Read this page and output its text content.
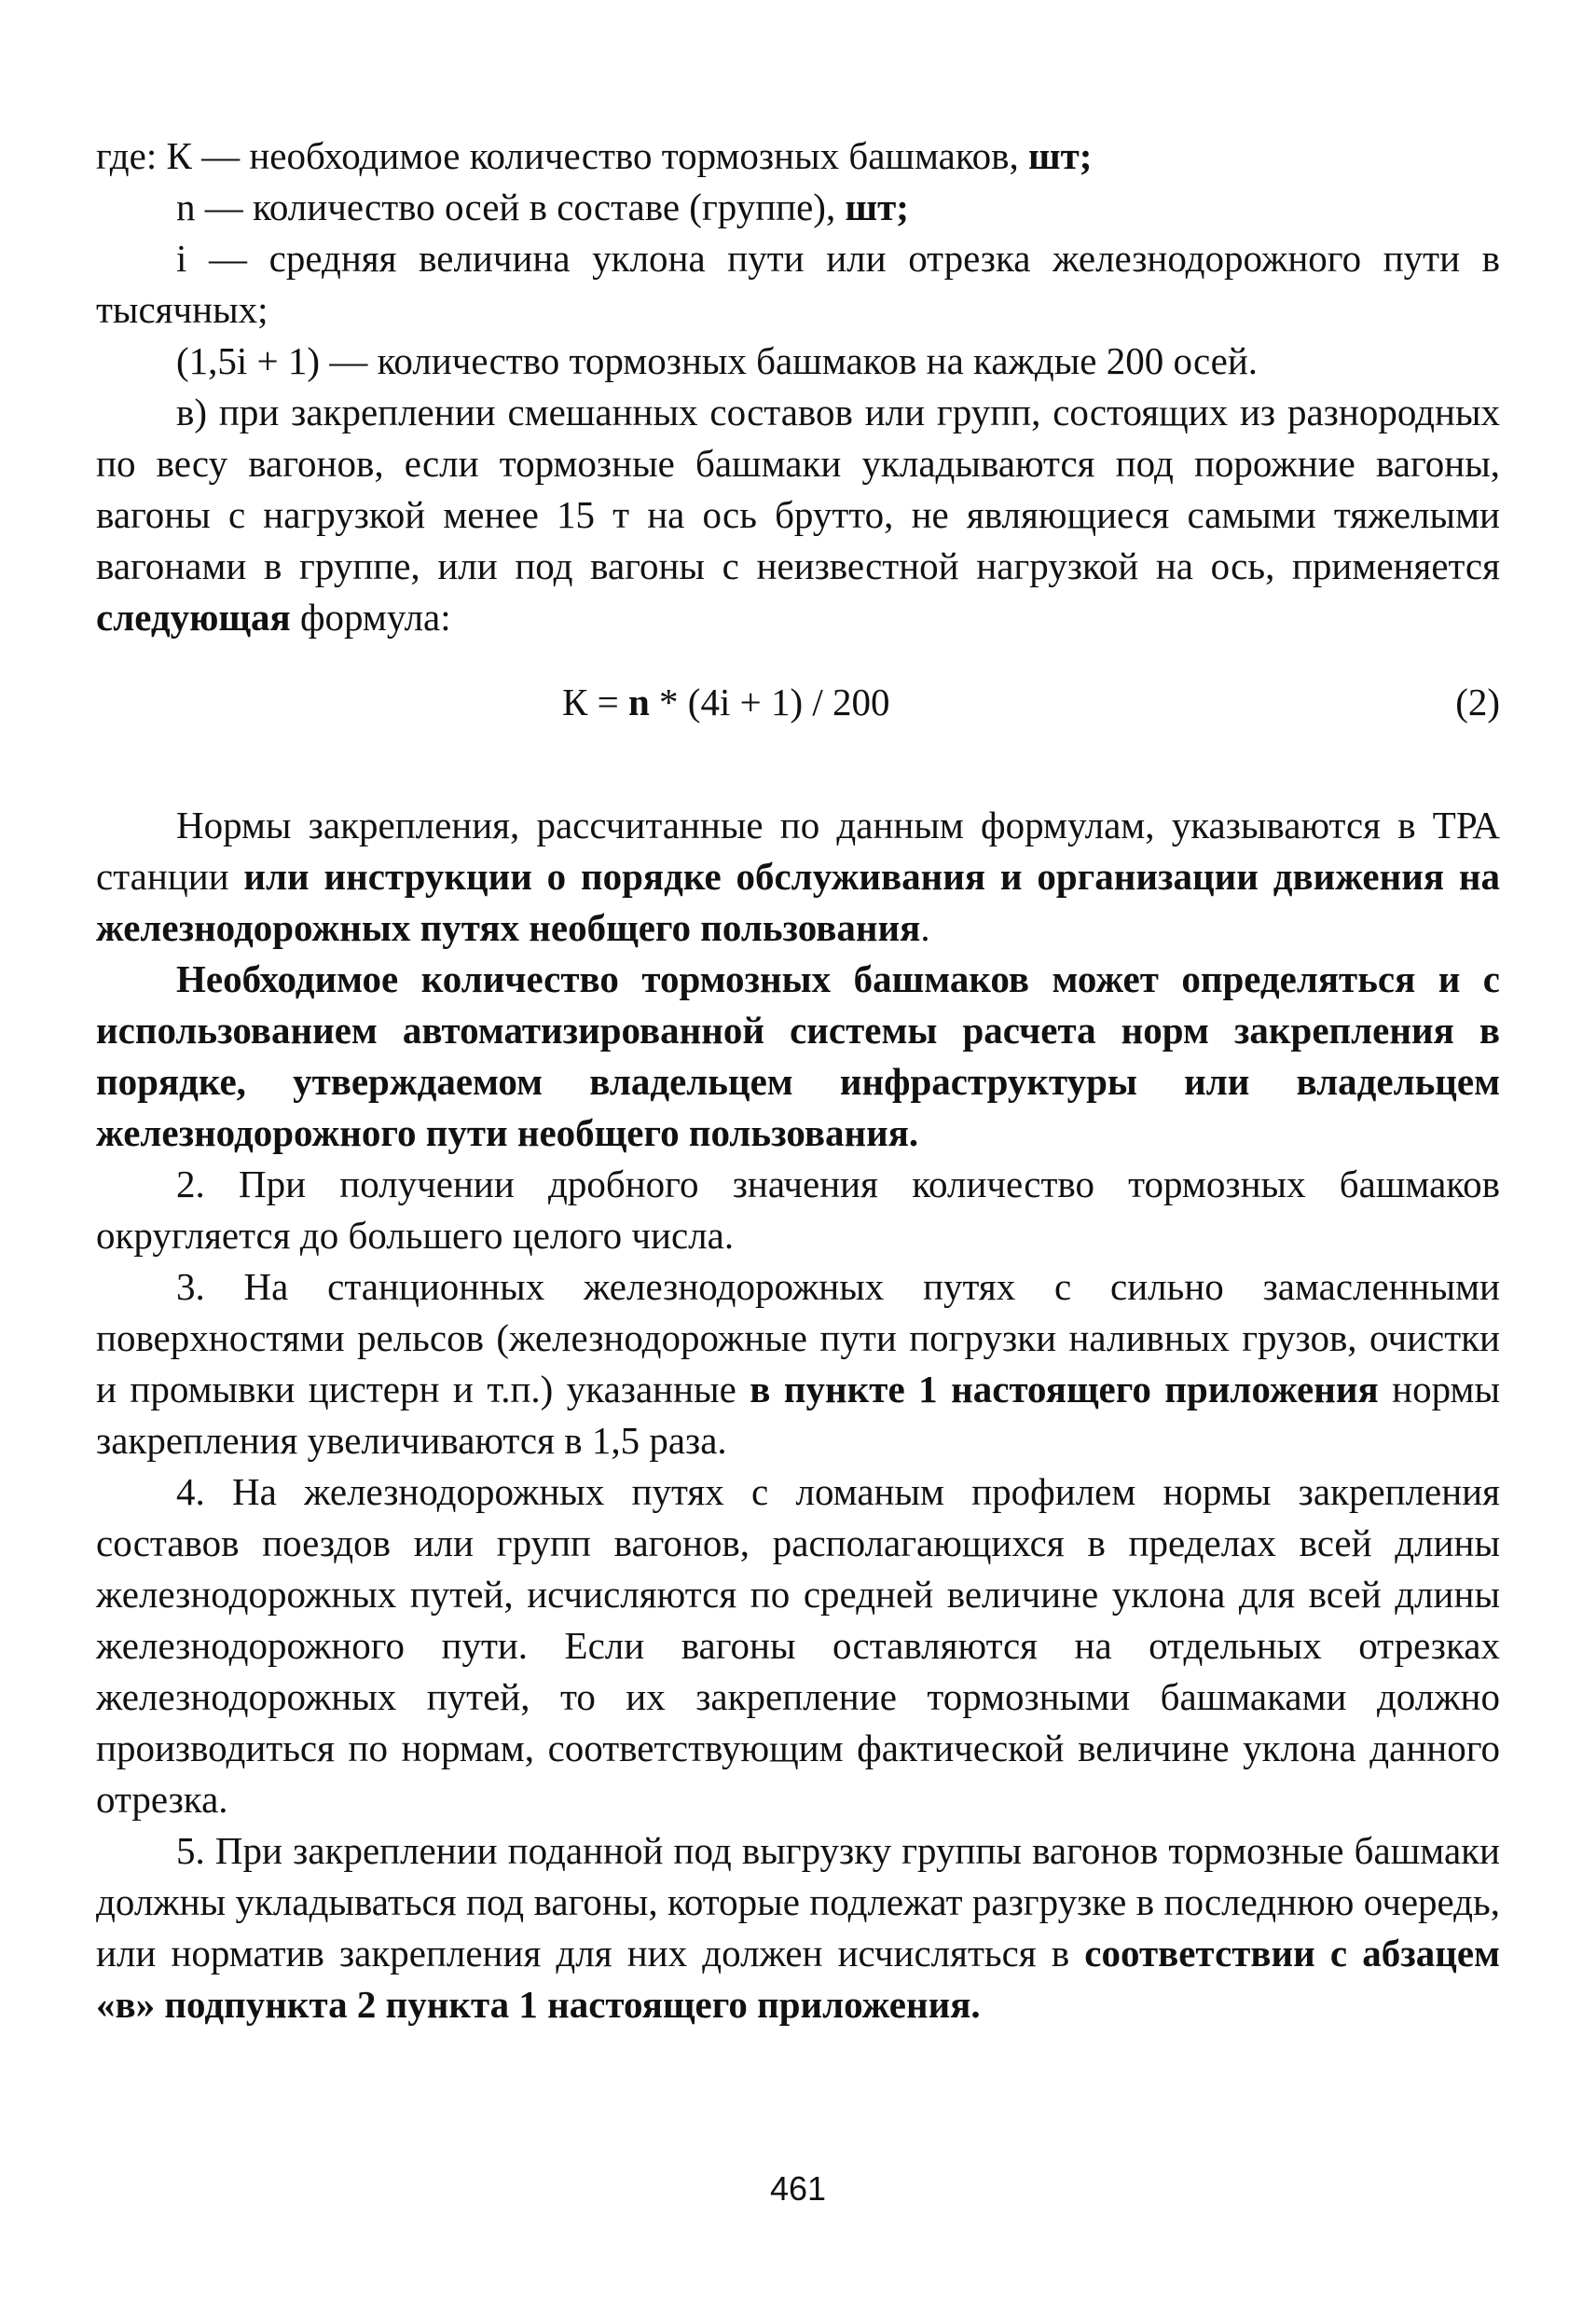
где: К — необходимое количество тормозных башмаков, шт;

n — количество осей в составе (группе), шт;

i — средняя величина уклона пути или отрезка железнодорожного пути в тысячных;

(1,5i + 1) — количество тормозных башмаков на каждые 200 осей.

в) при закреплении смешанных составов или групп, состоящих из разнородных по весу вагонов, если тормозные башмаки укладываются под порожние вагоны, вагоны с нагрузкой менее 15 т на ось брутто, не являющиеся самыми тяжелыми вагонами в группе, или под вагоны с неизвестной нагрузкой на ось, применяется следующая формула:

К = n * (4i + 1) / 200	(2)

Нормы закрепления, рассчитанные по данным формулам, указываются в ТРА станции или инструкции о порядке обслуживания и организации движения на железнодорожных путях необщего пользования.

Необходимое количество тормозных башмаков может определяться и с использованием автоматизированной системы расчета норм закрепления в порядке, утверждаемом владельцем инфраструктуры или владельцем железнодорожного пути необщего пользования.

2. При получении дробного значения количество тормозных башмаков округляется до большего целого числа.

3. На станционных железнодорожных путях с сильно замасленными поверхностями рельсов (железнодорожные пути погрузки наливных грузов, очистки и промывки цистерн и т.п.) указанные в пункте 1 настоящего приложения нормы закрепления увеличиваются в 1,5 раза.

4. На железнодорожных путях с ломаным профилем нормы закрепления составов поездов или групп вагонов, располагающихся в пределах всей длины железнодорожных путей, исчисляются по средней величине уклона для всей длины железнодорожного пути. Если вагоны оставляются на отдельных отрезках железнодорожных путей, то их закрепление тормозными башмаками должно производиться по нормам, соответствующим фактической величине уклона данного отрезка.

5. При закреплении поданной под выгрузку группы вагонов тормозные башмаки должны укладываться под вагоны, которые подлежат разгрузке в последнюю очередь, или норматив закрепления для них должен исчисляться в соответствии с абзацем «в» подпункта 2 пункта 1 настоящего приложения.

461
